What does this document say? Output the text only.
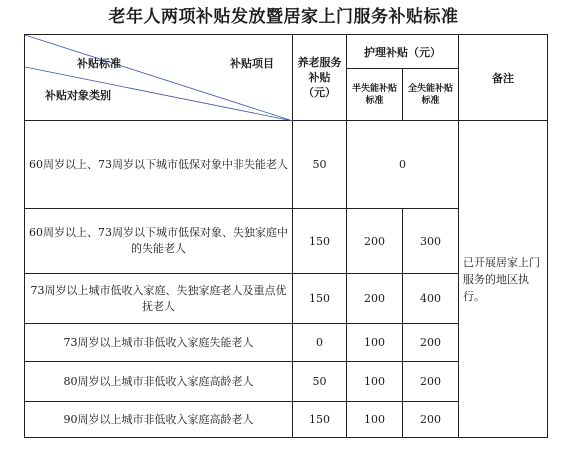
老年人两项补贴发放暨居家上门服务补贴标准
补贴标准 补贴项目
补贴对象类别	养老服务补贴（元）	护理补贴（元）		备注
		半失能补贴标准	全失能补贴标准	
60周岁以上、73周岁以下城市低保对象中非失能老人	50	0		已开展居家上门服务的地区执行。
60周岁以上、73周岁以下城市低保对象、失独家庭中的失能老人	150	200	300	
73周岁以上城市低收入家庭、失独家庭老人及重点优抚老人	150	200	400	
73周岁以上城市非低收入家庭失能老人	0	100	200	
80周岁以上城市非低收入家庭高龄老人	50	100	200	
90周岁以上城市非低收入家庭高龄老人	150	100	200	
